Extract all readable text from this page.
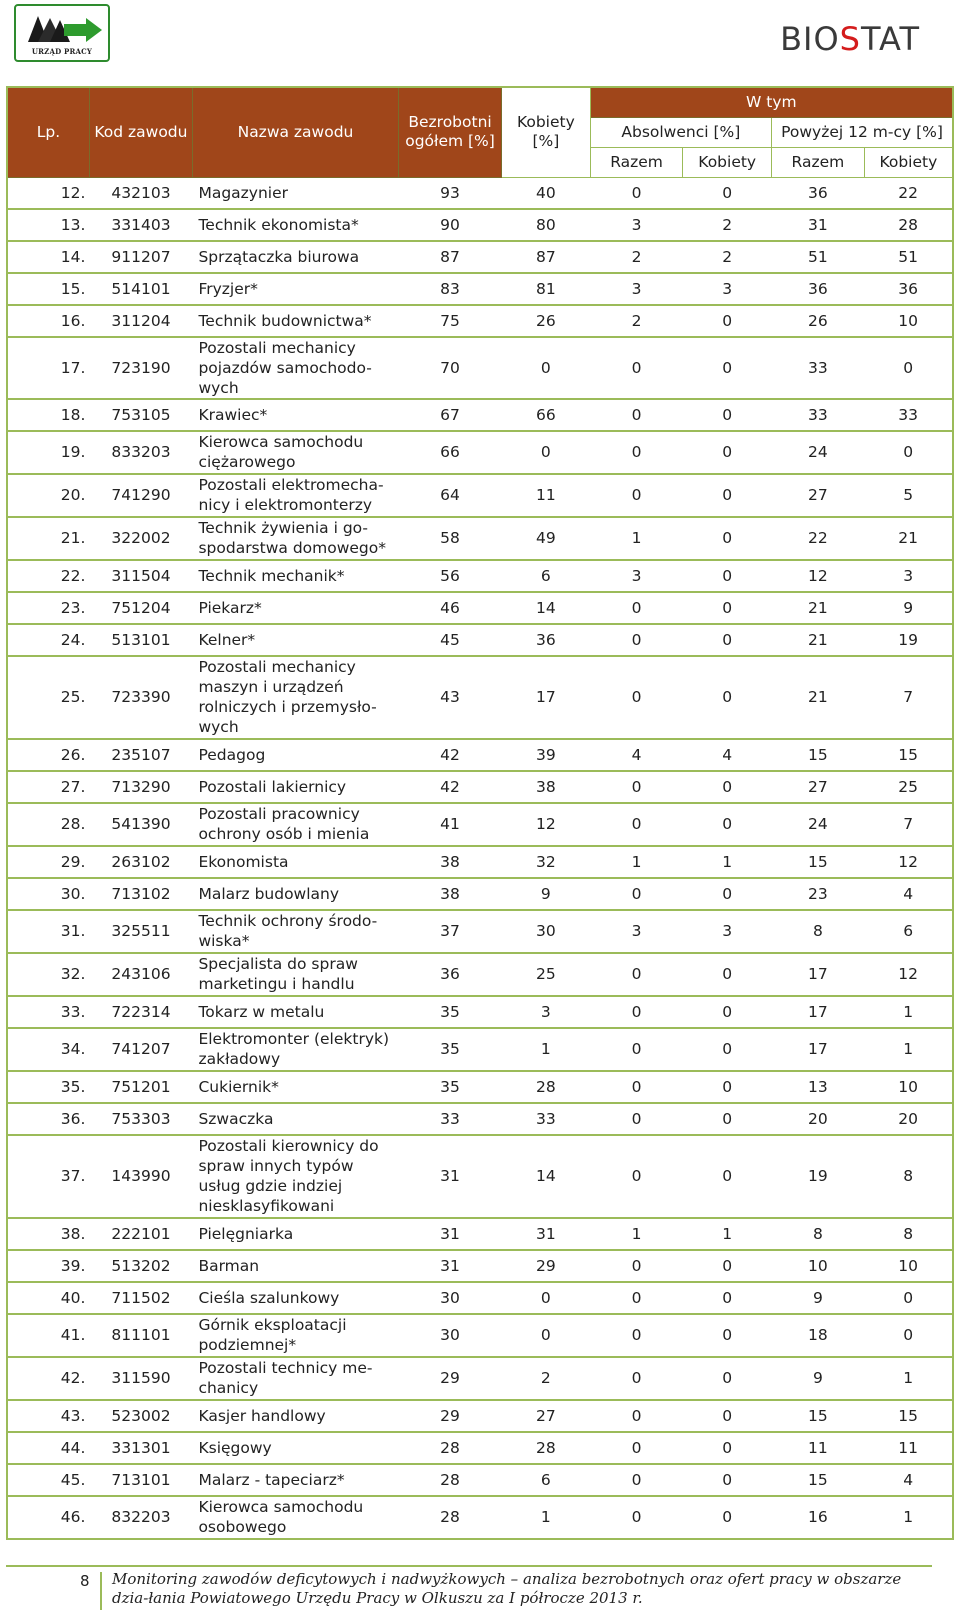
URZĄD PRACY	BIOSTAT
Lp.	Kod zawodu	Nazwa zawodu	Bezrobotni ogółem [%]	Kobiety [%]	W tym			
					Absolwenci [%]		Powyżej 12 m-cy [%]	
					Razem	Kobiety	Razem	Kobiety
12.	432103	Magazynier	93	40	0	0	36	22
13.	331403	Technik ekonomista*	90	80	3	2	31	28
14.	911207	Sprzątaczka biurowa	87	87	2	2	51	51
15.	514101	Fryzjer*	83	81	3	3	36	36
16.	311204	Technik budownictwa*	75	26	2	0	26	10
17.	723190	Pozostali mechanicy pojazdów samochodo-wych	70	0	0	0	33	0
18.	753105	Krawiec*	67	66	0	0	33	33
19.	833203	Kierowca samochodu ciężarowego	66	0	0	0	24	0
20.	741290	Pozostali elektromecha-nicy i elektromonterzy	64	11	0	0	27	5
21.	322002	Technik żywienia i go-spodarstwa domowego*	58	49	1	0	22	21
22.	311504	Technik mechanik*	56	6	3	0	12	3
23.	751204	Piekarz*	46	14	0	0	21	9
24.	513101	Kelner*	45	36	0	0	21	19
25.	723390	Pozostali mechanicy maszyn i urządzeń rolniczych i przemysło-wych	43	17	0	0	21	7
26.	235107	Pedagog	42	39	4	4	15	15
27.	713290	Pozostali lakiernicy	42	38	0	0	27	25
28.	541390	Pozostali pracownicy ochrony osób i mienia	41	12	0	0	24	7
29.	263102	Ekonomista	38	32	1	1	15	12
30.	713102	Malarz budowlany	38	9	0	0	23	4
31.	325511	Technik ochrony środo-wiska*	37	30	3	3	8	6
32.	243106	Specjalista do spraw marketingu i handlu	36	25	0	0	17	12
33.	722314	Tokarz w metalu	35	3	0	0	17	1
34.	741207	Elektromonter (elektryk) zakładowy	35	1	0	0	17	1
35.	751201	Cukiernik*	35	28	0	0	13	10
36.	753303	Szwaczka	33	33	0	0	20	20
37.	143990	Pozostali kierownicy do spraw innych typów usług gdzie indziej niesklasyfikowani	31	14	0	0	19	8
38.	222101	Pielęgniarka	31	31	1	1	8	8
39.	513202	Barman	31	29	0	0	10	10
40.	711502	Cieśla szalunkowy	30	0	0	0	9	0
41.	811101	Górnik eksploatacji podziemnej*	30	0	0	0	18	0
42.	311590	Pozostali technicy me-chanicy	29	2	0	0	9	1
43.	523002	Kasjer handlowy	29	27	0	0	15	15
44.	331301	Księgowy	28	28	0	0	11	11
45.	713101	Malarz - tapeciarz*	28	6	0	0	15	4
46.	832203	Kierowca samochodu osobowego	28	1	0	0	16	1
8 Monitoring zawodów deficytowych i nadwyżkowych – analiza bezrobotnych oraz ofert pracy w obszarze dzia-łania Powiatowego Urzędu Pracy w Olkuszu za I półrocze 2013 r.
